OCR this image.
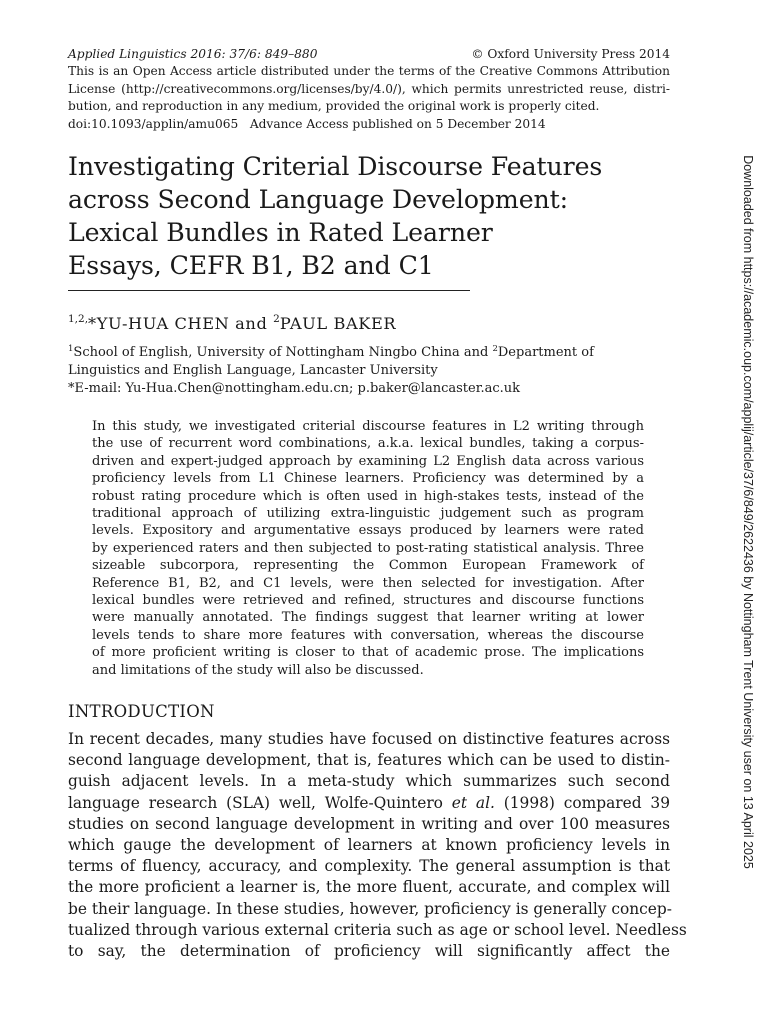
Applied Linguistics 2016: 37/6: 849–880	© Oxford University Press 2014
This is an Open Access article distributed under the terms of the Creative Commons Attribution
License (http://creativecommons.org/licenses/by/4.0/), which permits unrestricted reuse, distri-
bution, and reproduction in any medium, provided the original work is properly cited.
doi:10.1093/applin/amu065   Advance Access published on 5 December 2014
Investigating Criterial Discourse Features
across Second Language Development:
Lexical Bundles in Rated Learner
Essays, CEFR B1, B2 and C1
$^{1,2,}$*YU-HUA CHEN and $^2$PAUL BAKER
$^1$School of English, University of Nottingham Ningbo China and $^2$Department of
Linguistics and English Language, Lancaster University
*E-mail: Yu-Hua.Chen@nottingham.edu.cn; p.baker@lancaster.ac.uk
In this study, we investigated criterial discourse features in L2 writing through
the use of recurrent word combinations, a.k.a. lexical bundles, taking a corpus-
driven and expert-judged approach by examining L2 English data across various
proficiency levels from L1 Chinese learners. Proficiency was determined by a
robust rating procedure which is often used in high-stakes tests, instead of the
traditional approach of utilizing extra-linguistic judgement such as program
levels. Expository and argumentative essays produced by learners were rated
by experienced raters and then subjected to post-rating statistical analysis. Three
sizeable subcorpora, representing the Common European Framework of
Reference B1, B2, and C1 levels, were then selected for investigation. After
lexical bundles were retrieved and refined, structures and discourse functions
were manually annotated. The findings suggest that learner writing at lower
levels tends to share more features with conversation, whereas the discourse
of more proficient writing is closer to that of academic prose. The implications
and limitations of the study will also be discussed.
INTRODUCTION
In recent decades, many studies have focused on distinctive features across
second language development, that is, features which can be used to distin-
guish adjacent levels. In a meta-study which summarizes such second
language research (SLA) well, Wolfe-Quintero et al. (1998) compared 39
studies on second language development in writing and over 100 measures
which gauge the development of learners at known proficiency levels in
terms of fluency, accuracy, and complexity. The general assumption is that
the more proficient a learner is, the more fluent, accurate, and complex will
be their language. In these studies, however, proficiency is generally concep-
tualized through various external criteria such as age or school level. Needless
to say, the determination of proficiency will significantly affect the
Downloaded from https://academic.oup.com/applij/article/37/6/849/2622436 by Nottingham Trent University user on 13 April 2025
